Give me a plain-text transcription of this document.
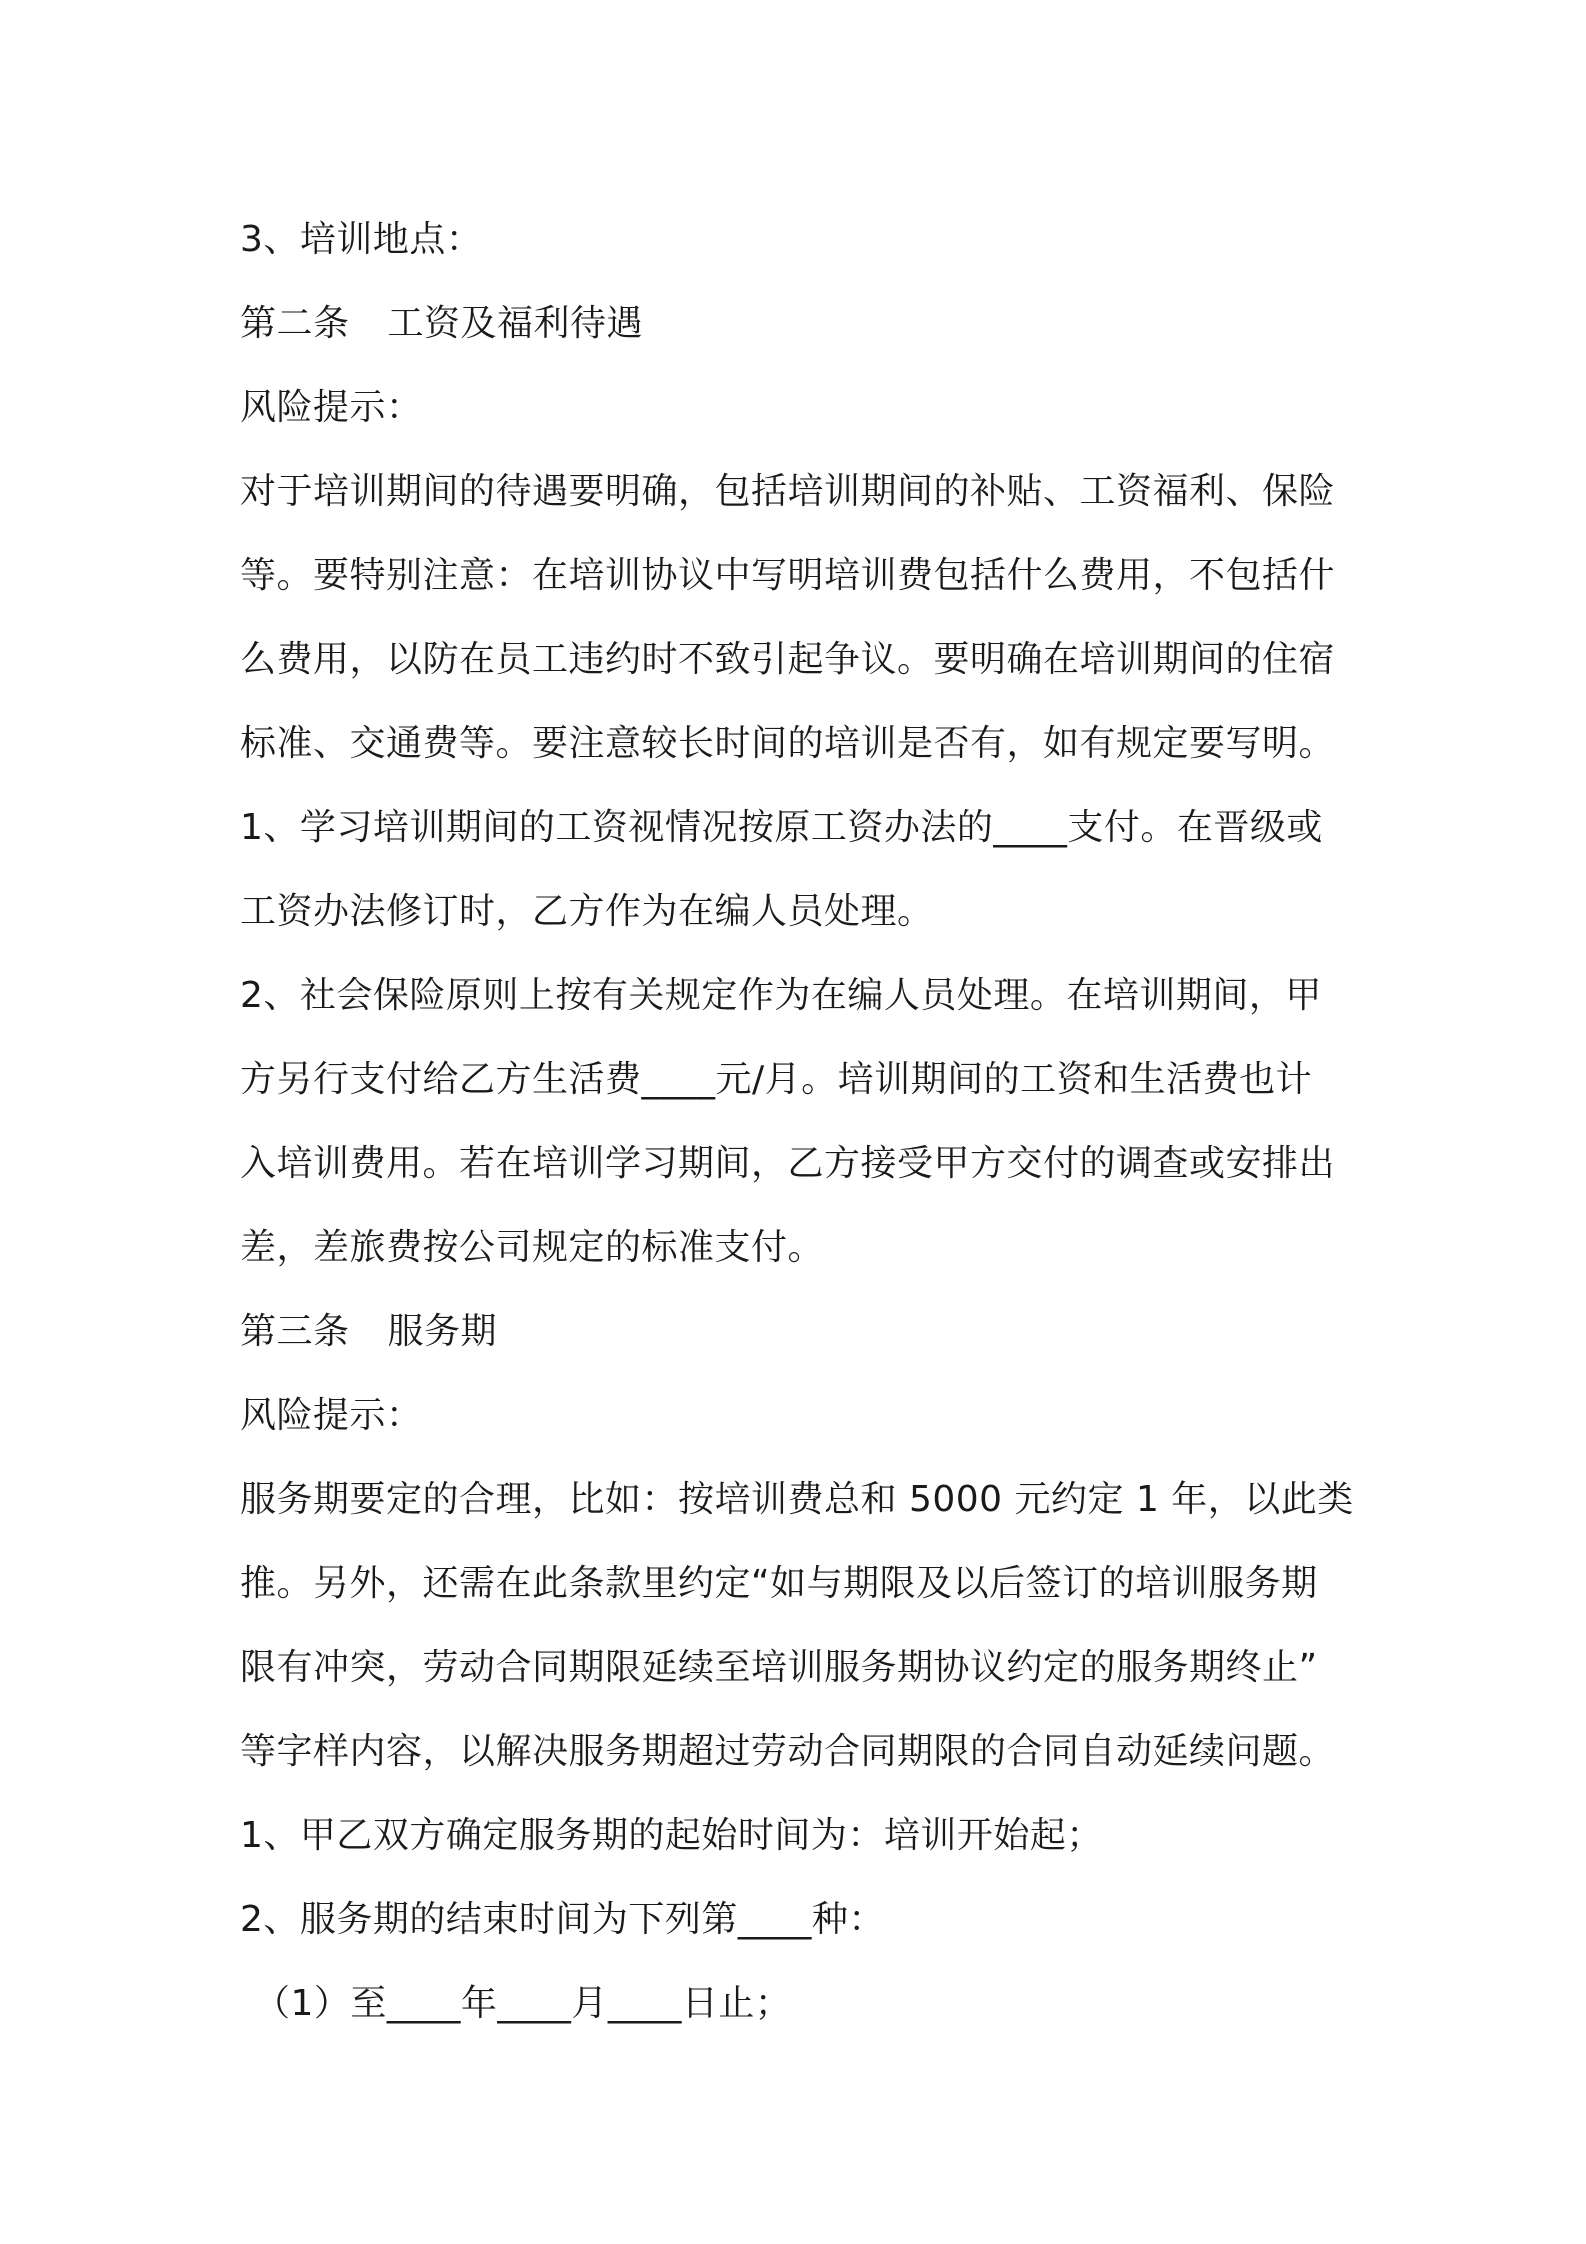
3、培训地点：
第二条 工资及福利待遇
风险提示：
对于培训期间的待遇要明确，包括培训期间的补贴、工资福利、保险
等。要特别注意：在培训协议中写明培训费包括什么费用，不包括什
么费用，以防在员工违约时不致引起争议。要明确在培训期间的住宿
标准、交通费等。要注意较长时间的培训是否有，如有规定要写明。
1、学习培训期间的工资视情况按原工资办法的____支付。在晋级或
工资办法修订时，乙方作为在编人员处理。
2、社会保险原则上按有关规定作为在编人员处理。在培训期间，甲
方另行支付给乙方生活费____元/月。培训期间的工资和生活费也计
入培训费用。若在培训学习期间，乙方接受甲方交付的调查或安排出
差，差旅费按公司规定的标准支付。
第三条 服务期
风险提示：
服务期要定的合理，比如：按培训费总和 5000 元约定 1 年，以此类
推。另外，还需在此条款里约定“如与期限及以后签订的培训服务期
限有冲突，劳动合同期限延续至培训服务期协议约定的服务期终止”
等字样内容，以解决服务期超过劳动合同期限的合同自动延续问题。
1、甲乙双方确定服务期的起始时间为：培训开始起；
2、服务期的结束时间为下列第____种：
（1）至____年____月____日止；
